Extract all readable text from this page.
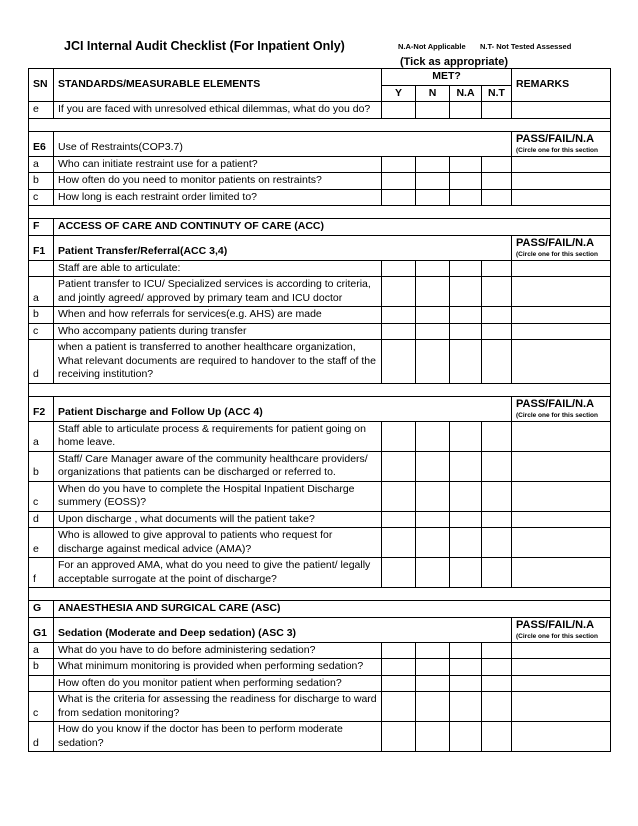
JCI Internal Audit Checklist (For Inpatient Only)	N.A-Not Applicable N.T- Not Tested Assessed
(Tick as appropriate)
SN	STANDARDS/MEASURABLE ELEMENTS	MET?				REMARKS
		Y	N	N.A	N.T	
e	If you are faced with unresolved ethical dilemmas, what do you do?					

E6	Use of Restraints(COP3.7)					PASS/FAIL/N.A
(Circle one for this section

a	Who can initiate restraint use for a patient?					
b	How often do you need to monitor patients on restraints?					
c	How long is each restraint order limited to?					

F	ACCESS OF CARE AND CONTINUTY OF CARE (ACC)					
F1	Patient Transfer/Referral(ACC 3,4)					PASS/FAIL/N.A
(Circle one for this section

	Staff are able to articulate:					
a	Patient transfer to ICU/ Specialized services is according to criteria, and jointly agreed/ approved by primary team and ICU doctor					
b	When and how referrals for services(e.g. AHS) are made					
c	Who accompany patients during transfer					
d	when a patient is transferred to another healthcare organization, What relevant documents are required to handover to the staff of the receiving institution?					

F2	Patient Discharge and Follow Up (ACC 4)					PASS/FAIL/N.A
(Circle one for this section

a	Staff able to articulate process & requirements for patient going on home leave.					
b	Staff/ Care Manager aware of the community healthcare providers/ organizations that patients can be discharged or referred to.					
c	When do you have to complete the Hospital Inpatient Discharge summery (EOSS)?					
d	Upon discharge , what documents will the patient take?					
e	Who is allowed to give approval to patients who request for discharge against medical advice (AMA)?					
f	For an approved AMA, what do you need to give the patient/ legally acceptable surrogate at the point of discharge?					

G	ANAESTHESIA AND SURGICAL CARE (ASC)					
G1	Sedation (Moderate and Deep sedation) (ASC 3)					PASS/FAIL/N.A
(Circle one for this section

a	What do you have to do before administering sedation?					
b	What minimum monitoring is provided when performing sedation?					
	How often do you monitor patient when performing sedation?					
c	What is the criteria for assessing the readiness for discharge to ward from sedation monitoring?					
d	How do you know if the doctor has been to perform moderate sedation?					
